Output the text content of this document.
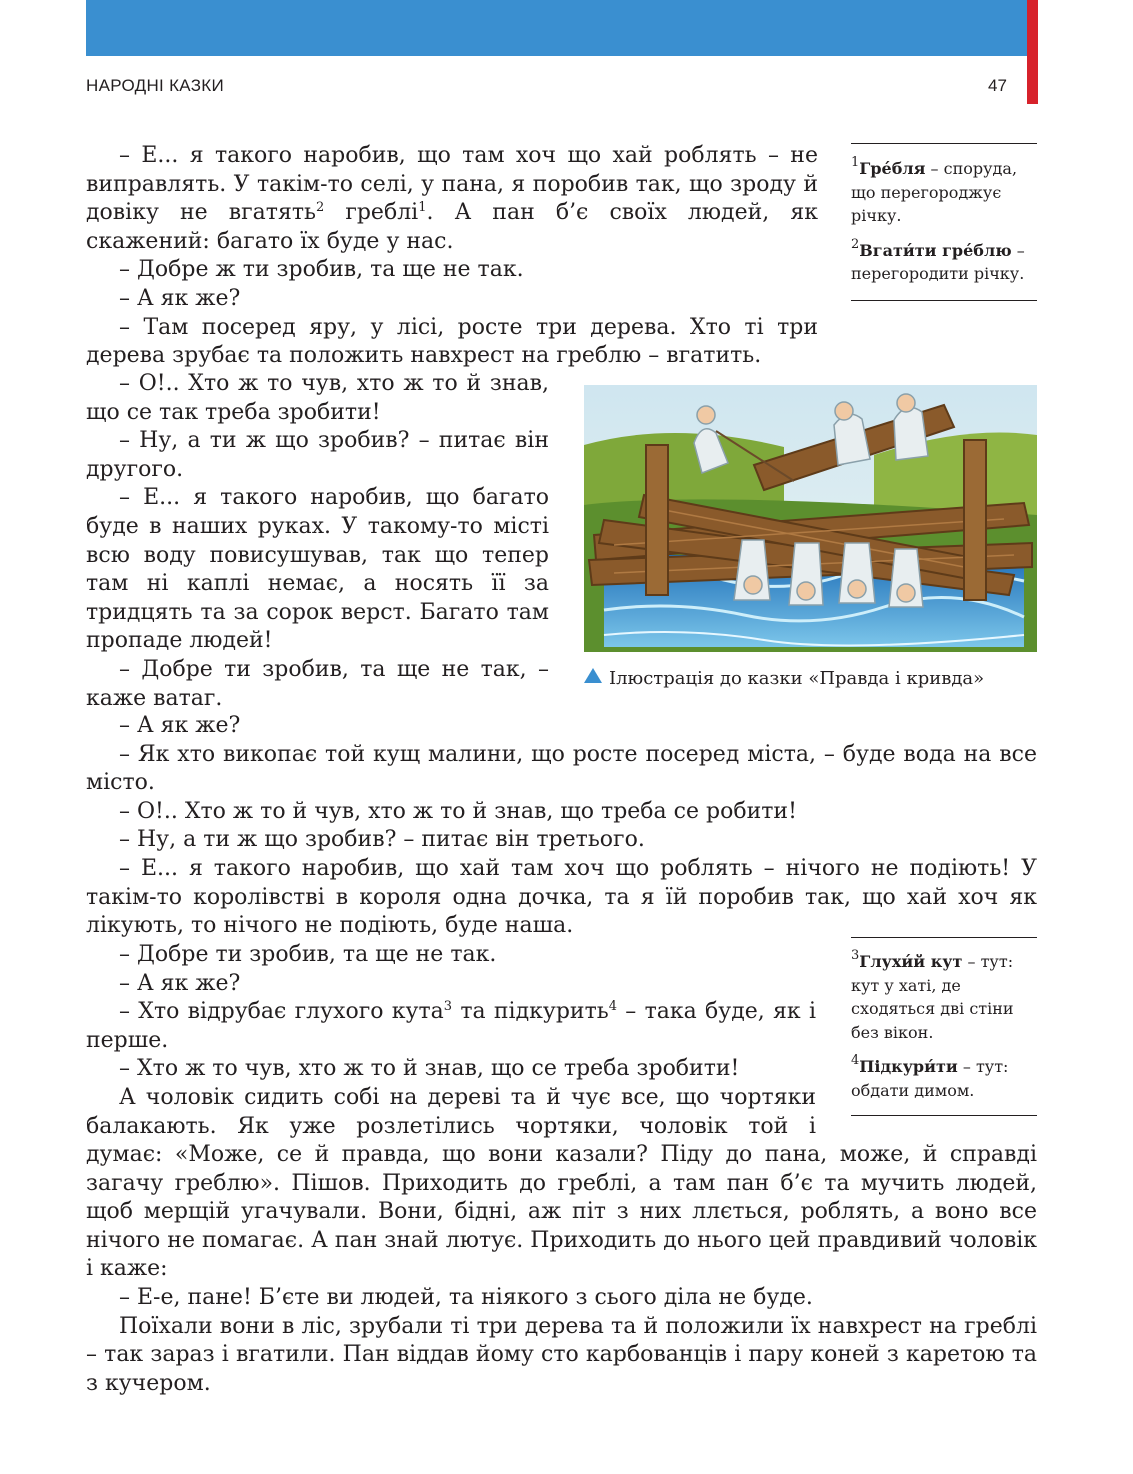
НАРОДНІ КАЗКИ	47

– Е... я такого наробив, що там хоч що хай роблять – не виправлять. У такім-то селі, у пана, я поробив так, що зроду й довіку не вгатять$^2$ греблі$^1$. А пан б’є своїх людей, як скажений: багато їх буде у нас.

– Добре ж ти зробив, та ще не так.

– А як же?

– Там посеред яру, у лісі, росте три дерева. Хто ті три дерева зрубає та положить навхрест на греблю – вгатить.

$^1$Гре́бля – споруда, що перегороджує річку.

$^2$Вгати́ти гре́блю – перегородити річку.

– О!.. Хто ж то чув, хто ж то й знав, що се так треба зробити!

– Ну, а ти ж що зробив? – питає він другого.

– Е... я такого наробив, що багато буде в наших руках. У такому-то місті всю воду повисушував, так що тепер там ні каплі немає, а носять її за тридцять та за сорок верст. Багато там пропаде людей!

– Добре ти зробив, та ще не так, – каже ватаг.

Ілюстрація до казки «Правда і кривда»

– А як же?

– Як хто викопає той кущ малини, що росте посеред міста, – буде вода на все місто.

– О!.. Хто ж то й чув, хто ж то й знав, що треба се робити!

– Ну, а ти ж що зробив? – питає він третього.

– Е... я такого наробив, що хай там хоч що роблять – нічого не подіють! У такім-то королівстві в короля одна дочка, та я їй поробив так, що хай хоч як лікують, то нічого не подіють, буде наша.

– Добре ти зробив, та ще не так.

– А як же?

– Хто відрубає глухого кута$^3$ та підкурить$^4$ – така буде, як і перше.

– Хто ж то чув, хто ж то й знав, що се треба зробити!

А чоловік сидить собі на дереві та й чує все, що чортяки балакають. Як уже розлетілись чортяки, чоловік той і

$^3$Глухи́й кут – тут: кут у хаті, де сходяться дві стіни без вікон.

$^4$Підкури́ти – тут: обдати димом.

думає: «Може, се й правда, що вони казали? Піду до пана, може, й справді загачу греблю». Пішов. Приходить до греблі, а там пан б’є та мучить людей, щоб мерщій угачували. Вони, бідні, аж піт з них ллється, роблять, а воно все нічого не помагає. А пан знай лютує. Приходить до нього цей правдивий чоловік і каже:

– Е-е, пане! Б’єте ви людей, та ніякого з сього діла не буде.

Поїхали вони в ліс, зрубали ті три дерева та й положили їх навхрест на греблі – так зараз і вгатили. Пан віддав йому сто карбованців і пару коней з каретою та з кучером.
